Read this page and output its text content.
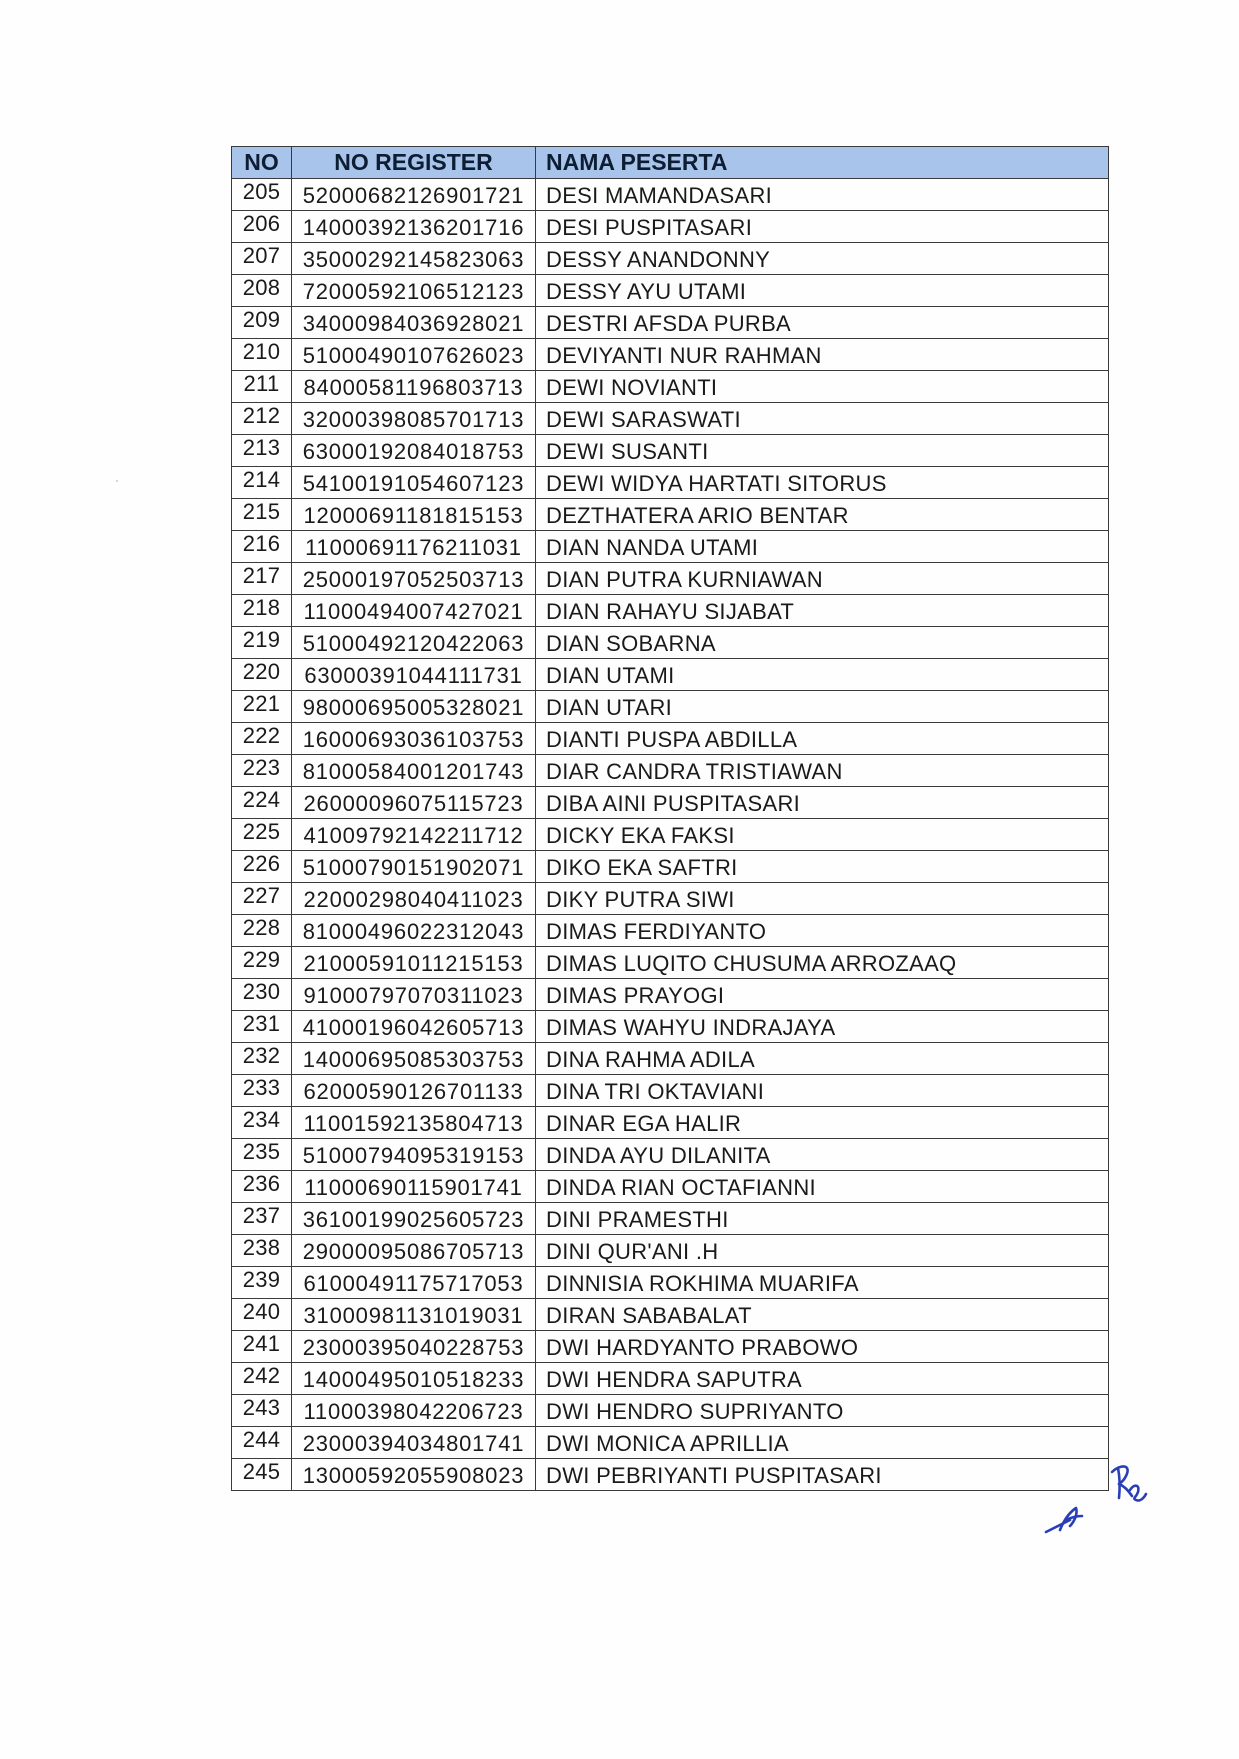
NO	NO REGISTER	NAMA PESERTA
205	52000682126901721	DESI MAMANDASARI
206	14000392136201716	DESI PUSPITASARI
207	35000292145823063	DESSY ANANDONNY
208	72000592106512123	DESSY AYU UTAMI
209	34000984036928021	DESTRI AFSDA PURBA
210	51000490107626023	DEVIYANTI NUR RAHMAN
211	84000581196803713	DEWI NOVIANTI
212	32000398085701713	DEWI SARASWATI
213	63000192084018753	DEWI SUSANTI
214	54100191054607123	DEWI WIDYA HARTATI SITORUS
215	12000691181815153	DEZTHATERA ARIO BENTAR
216	11000691176211031	DIAN NANDA UTAMI
217	25000197052503713	DIAN PUTRA KURNIAWAN
218	11000494007427021	DIAN RAHAYU SIJABAT
219	51000492120422063	DIAN SOBARNA
220	63000391044111731	DIAN UTAMI
221	98000695005328021	DIAN UTARI
222	16000693036103753	DIANTI PUSPA ABDILLA
223	81000584001201743	DIAR CANDRA TRISTIAWAN
224	26000096075115723	DIBA AINI PUSPITASARI
225	41009792142211712	DICKY EKA FAKSI
226	51000790151902071	DIKO EKA SAFTRI
227	22000298040411023	DIKY PUTRA SIWI
228	81000496022312043	DIMAS FERDIYANTO
229	21000591011215153	DIMAS LUQITO CHUSUMA ARROZAAQ
230	91000797070311023	DIMAS PRAYOGI
231	41000196042605713	DIMAS WAHYU INDRAJAYA
232	14000695085303753	DINA RAHMA ADILA
233	62000590126701133	DINA TRI OKTAVIANI
234	11001592135804713	DINAR EGA HALIR
235	51000794095319153	DINDA AYU DILANITA
236	11000690115901741	DINDA RIAN OCTAFIANNI
237	36100199025605723	DINI PRAMESTHI
238	29000095086705713	DINI QUR'ANI .H
239	61000491175717053	DINNISIA ROKHIMA MUARIFA
240	31000981131019031	DIRAN SABABALAT
241	23000395040228753	DWI HARDYANTO PRABOWO
242	14000495010518233	DWI HENDRA SAPUTRA
243	11000398042206723	DWI HENDRO SUPRIYANTO
244	23000394034801741	DWI MONICA APRILLIA
245	13000592055908023	DWI PEBRIYANTI PUSPITASARI
